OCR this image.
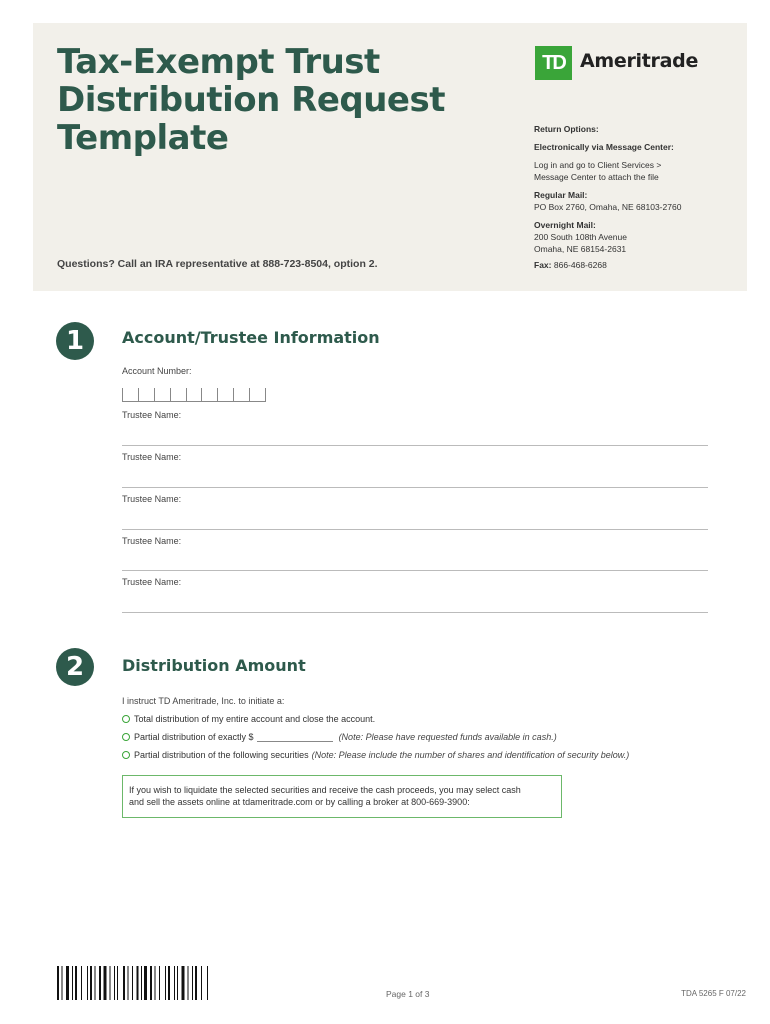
Tax-Exempt Trust
Distribution Request
Template
Questions? Call an IRA representative at 888-723-8504, option 2.
TD Ameritrade

Return Options:

Electronically via Message Center:

Log in and go to Client Services >

Message Center to attach the file

Regular Mail:

PO Box 2760, Omaha, NE 68103-2760

Overnight Mail:

200 South 108th Avenue

Omaha, NE 68154-2631

Fax: 866-468-6268
1	Account/Trustee Information
Account Number:
Trustee Name:
Trustee Name:
Trustee Name:
Trustee Name:
Trustee Name:
2	Distribution Amount
I instruct TD Ameritrade, Inc. to initiate a:
Total distribution of my entire account and close the account.
Partial distribution of exactly $	(Note: Please have requested funds available in cash.)
Partial distribution of the following securities (Note: Please include the number of shares and identification of security below.)

If you wish to liquidate the selected securities and receive the cash proceeds, you may select cash

and sell the assets online at tdameritrade.com or by calling a broker at 800-669-3900:

Page 1 of 3	TDA 5265 F 07/22
